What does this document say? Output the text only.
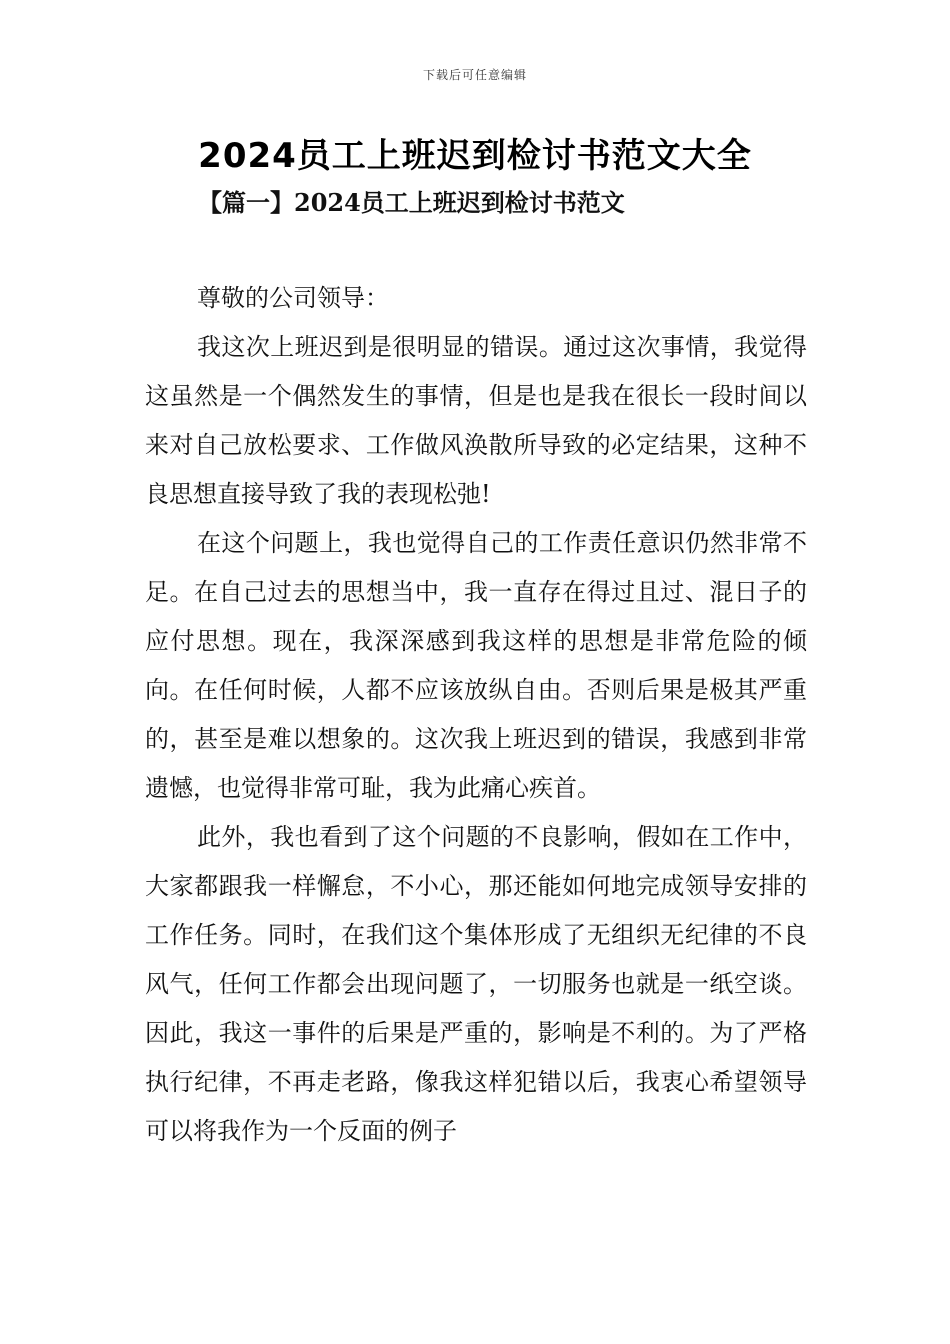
下载后可任意编辑
2024员工上班迟到检讨书范文大全
【篇一】2024员工上班迟到检讨书范文

尊敬的公司领导：

我这次上班迟到是很明显的错误。通过这次事情，我觉得这虽然是一个偶然发生的事情，但是也是我在很长一段时间以来对自己放松要求、工作做风涣散所导致的必定结果，这种不良思想直接导致了我的表现松弛!

在这个问题上，我也觉得自己的工作责任意识仍然非常不足。在自己过去的思想当中，我一直存在得过且过、混日子的应付思想。现在，我深深感到我这样的思想是非常危险的倾向。在任何时候，人都不应该放纵自由。否则后果是极其严重的，甚至是难以想象的。这次我上班迟到的错误，我感到非常遗憾，也觉得非常可耻，我为此痛心疾首。

此外，我也看到了这个问题的不良影响，假如在工作中，大家都跟我一样懈怠，不小心，那还能如何地完成领导安排的工作任务。同时，在我们这个集体形成了无组织无纪律的不良风气，任何工作都会出现问题了，一切服务也就是一纸空谈。因此，我这一事件的后果是严重的，影响是不利的。为了严格执行纪律，不再走老路，像我这样犯错以后，我衷心希望领导可以将我作为一个反面的例子
